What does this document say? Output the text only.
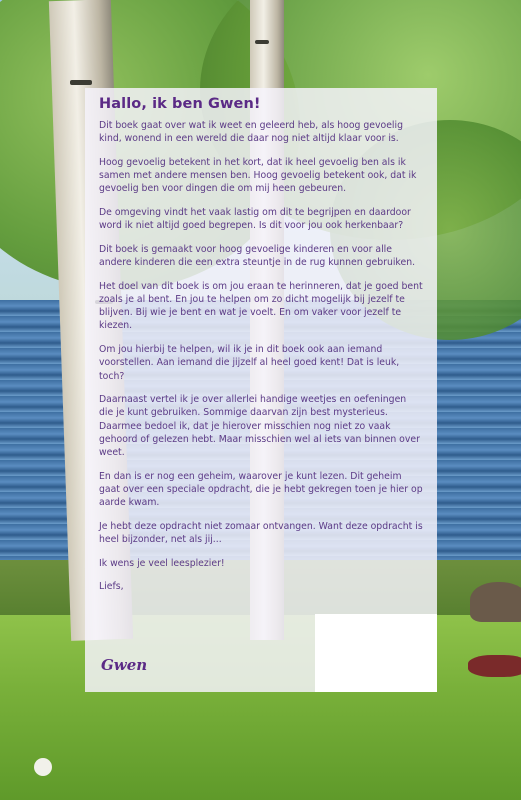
Hallo, ik ben Gwen!

Dit boek gaat over wat ik weet en geleerd heb, als hoog gevoelig kind, wonend in een wereld die daar nog niet altijd klaar voor is.

Hoog gevoelig betekent in het kort, dat ik heel gevoelig ben als ik samen met andere mensen ben. Hoog gevoelig betekent ook, dat ik gevoelig ben voor dingen die om mij heen gebeuren.

De omgeving vindt het vaak lastig om dit te begrijpen en daardoor word ik niet altijd goed begrepen. Is dit voor jou ook herkenbaar?

Dit boek is gemaakt voor hoog gevoelige kinderen en voor alle andere kinderen die een extra steuntje in de rug kunnen gebruiken.

Het doel van dit boek is om jou eraan te herinneren, dat je goed bent zoals je al bent. En jou te helpen om zo dicht mogelijk bij jezelf te blijven. Bij wie je bent en wat je voelt. En om vaker voor jezelf te kiezen.

Om jou hierbij te helpen, wil ik je in dit boek ook aan iemand voorstellen. Aan iemand die jijzelf al heel goed kent! Dat is leuk, toch?

Daarnaast vertel ik je over allerlei handige weetjes en oefeningen die je kunt gebruiken. Sommige daarvan zijn best mysterieus. Daarmee bedoel ik, dat je hierover misschien nog niet zo vaak gehoord of gelezen hebt. Maar misschien wel al iets van binnen over weet.

En dan is er nog een geheim, waarover je kunt lezen. Dit geheim gaat over een speciale opdracht, die je hebt gekregen toen je hier op aarde kwam.

Je hebt deze opdracht niet zomaar ontvangen. Want deze opdracht is heel bijzonder, net als jij...

Ik wens je veel leesplezier!

Liefs,

Gwen
